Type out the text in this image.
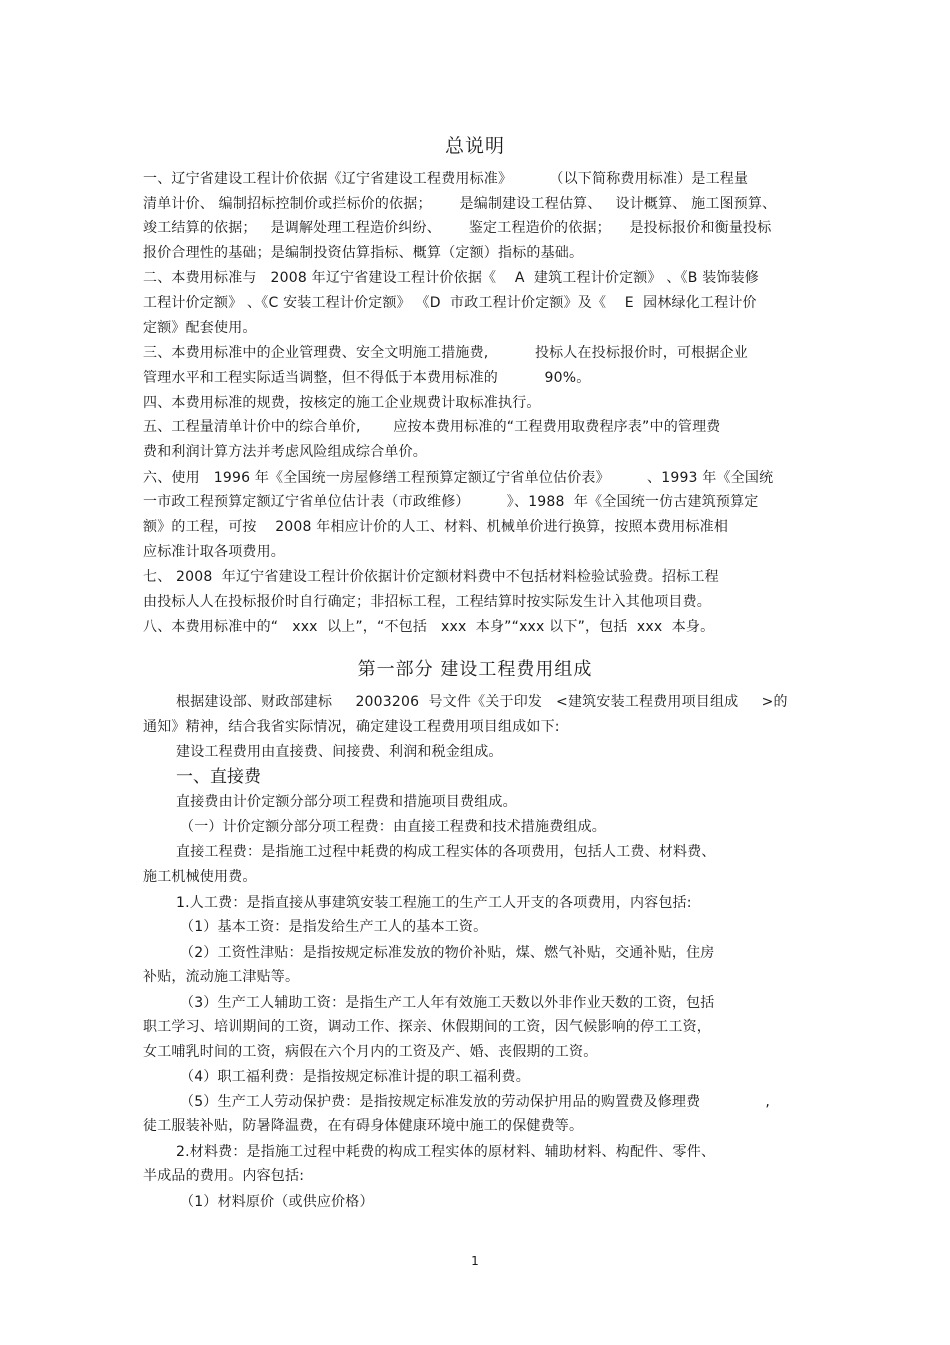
总说明
一、辽宁省建设工程计价依据《辽宁省建设工程费用标准》        （以下简称费用标准）是工程量
清单计价、 编制招标控制价或拦标价的依据；      是编制建设工程估算、   设计概算、 施工图预算、
竣工结算的依据；   是调解处理工程造价纠纷、      鉴定工程造价的依据；    是投标报价和衡量投标
报价合理性的基础；是编制投资估算指标、概算（定额）指标的基础。
二、本费用标准与   2008 年辽宁省建设工程计价依据《    A  建筑工程计价定额》 、《B 装饰装修
工程计价定额》 、《C 安装工程计价定额》 《D  市政工程计价定额》及《    E  园林绿化工程计价
定额》配套使用。
三、本费用标准中的企业管理费、安全文明施工措施费,          投标人在投标报价时，可根据企业
管理水平和工程实际适当调整，但不得低于本费用标准的          90%。
四、本费用标准的规费，按核定的施工企业规费计取标准执行。
五、工程量清单计价中的综合单价,       应按本费用标准的“工程费用取费程序表”中的管理费
费和利润计算方法并考虑风险组成综合单价。
六、使用   1996 年《全国统一房屋修缮工程预算定额辽宁省单位估价表》        、1993 年《全国统
一市政工程预算定额辽宁省单位估计表（市政维修）        》、1988  年《全国统一仿古建筑预算定
额》的工程，可按    2008 年相应计价的人工、材料、机械单价进行换算，按照本费用标准相
应标准计取各项费用。
七、 2008  年辽宁省建设工程计价依据计价定额材料费中不包括材料检验试验费。招标工程
由投标人人在投标报价时自行确定；非招标工程，工程结算时按实际发生计入其他项目费。
八、本费用标准中的“   xxx  以上”，“不包括   xxx  本身”“xxx 以下”，包括  xxx  本身。
第一部分 建设工程费用组成
根据建设部、财政部建标     2003206  号文件《关于印发   <建筑安装工程费用项目组成     >的
通知》精神，结合我省实际情况，确定建设工程费用项目组成如下:
建设工程费用由直接费、间接费、利润和税金组成。
一、直接费
直接费由计价定额分部分项工程费和措施项目费组成。
（一）计价定额分部分项工程费：由直接工程费和技术措施费组成。
直接工程费：是指施工过程中耗费的构成工程实体的各项费用，包括人工费、材料费、
施工机械使用费。
1.人工费：是指直接从事建筑安装工程施工的生产工人开支的各项费用，内容包括:
（1）基本工资：是指发给生产工人的基本工资。
（2）工资性津贴：是指按规定标准发放的物价补贴，煤、燃气补贴，交通补贴，住房
补贴，流动施工津贴等。
（3）生产工人辅助工资：是指生产工人年有效施工天数以外非作业天数的工资，包括
职工学习、培训期间的工资，调动工作、探亲、休假期间的工资，因气候影响的停工工资，
女工哺乳时间的工资，病假在六个月内的工资及产、婚、丧假期的工资。
（4）职工福利费：是指按规定标准计提的职工福利费。
（5）生产工人劳动保护费：是指按规定标准发放的劳动保护用品的购置费及修理费              ,
徒工服装补贴，防暑降温费，在有碍身体健康环境中施工的保健费等。
2.材料费：是指施工过程中耗费的构成工程实体的原材料、辅助材料、构配件、零件、
半成品的费用。内容包括:
（1）材料原价（或供应价格）
1
